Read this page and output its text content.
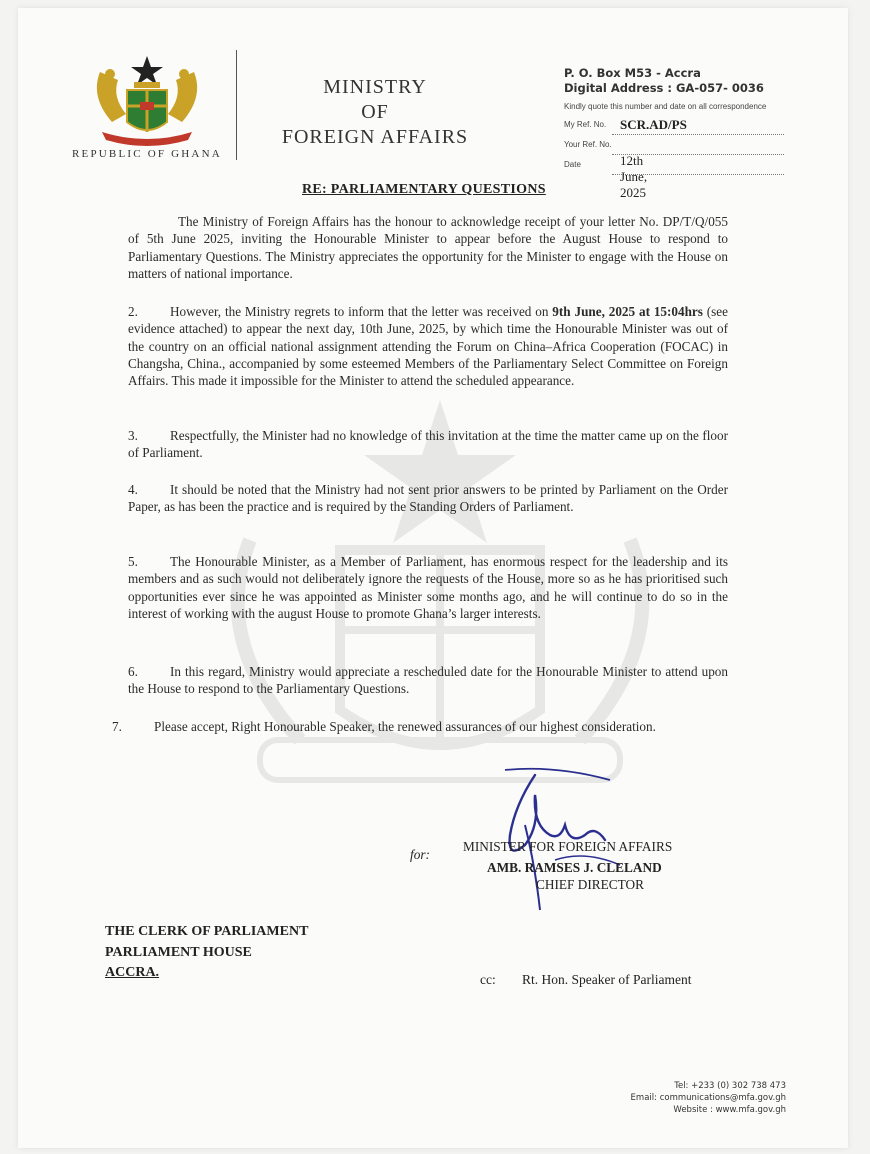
REPUBLIC OF GHANA
MINISTRY
OF
FOREIGN AFFAIRS
P. O. Box M53 - Accra
Digital Address : GA-057- 0036
Kindly quote this number and date on all correspondence
My Ref. No. SCR.AD/PS
Your Ref. No.
Date	12th June, 2025
RE: PARLIAMENTARY QUESTIONS
The Ministry of Foreign Affairs has the honour to acknowledge receipt of your letter No. DP/T/Q/055 of 5th June 2025, inviting the Honourable Minister to appear before the August House to respond to Parliamentary Questions. The Ministry appreciates the opportunity for the Minister to engage with the House on matters of national importance.
2. However, the Ministry regrets to inform that the letter was received on 9th June, 2025 at 15:04hrs (see evidence attached) to appear the next day, 10th June, 2025, by which time the Honourable Minister was out of the country on an official national assignment attending the Forum on China–Africa Cooperation (FOCAC) in Changsha, China., accompanied by some esteemed Members of the Parliamentary Select Committee on Foreign Affairs. This made it impossible for the Minister to attend the scheduled appearance.
3. Respectfully, the Minister had no knowledge of this invitation at the time the matter came up on the floor of Parliament.
4. It should be noted that the Ministry had not sent prior answers to be printed by Parliament on the Order Paper, as has been the practice and is required by the Standing Orders of Parliament.
5. The Honourable Minister, as a Member of Parliament, has enormous respect for the leadership and its members and as such would not deliberately ignore the requests of the House, more so as he has prioritised such opportunities ever since he was appointed as Minister some months ago, and he will continue to do so in the interest of working with the august House to promote Ghana’s larger interests.
6. In this regard, Ministry would appreciate a rescheduled date for the Honourable Minister to attend upon the House to respond to the Parliamentary Questions.
7. Please accept, Right Honourable Speaker, the renewed assurances of our highest consideration.
for:
MINISTER FOR FOREIGN AFFAIRS
AMB. RAMSES J. CLELAND
CHIEF DIRECTOR
THE CLERK OF PARLIAMENT
PARLIAMENT HOUSE
ACCRA.	cc: Rt. Hon. Speaker of Parliament
Tel: +233 (0) 302 738 473
Email: communications@mfa.gov.gh
Website : www.mfa.gov.gh
